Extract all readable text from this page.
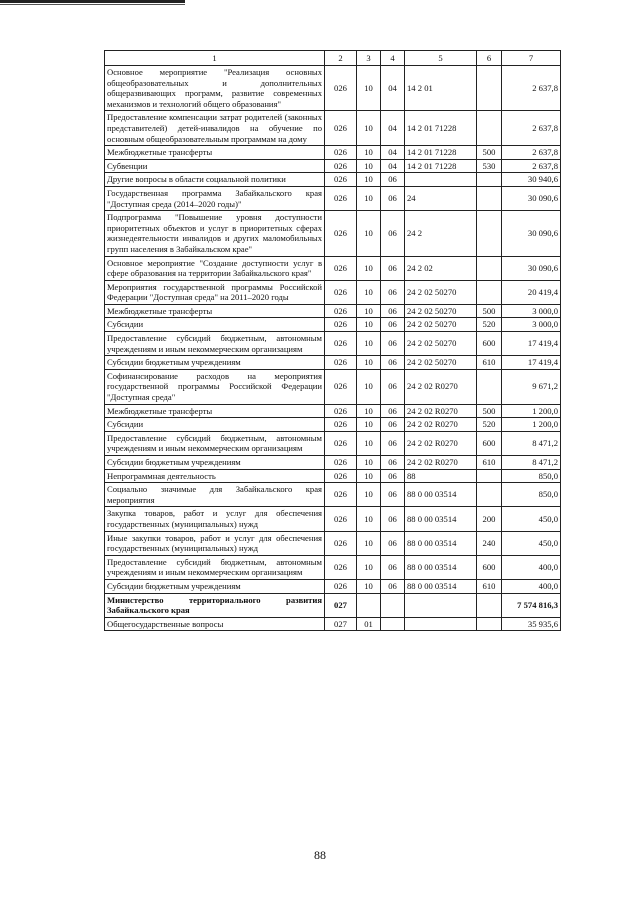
1	2	3	4	5	6	7
Основное мероприятие "Реализация основных общеобразовательных и дополнительных общеразвивающих программ, развитие современных механизмов и технологий общего образования"	026	10	04	14 2 01		2 637,8
Предоставление компенсации затрат родителей (законных представителей) детей-инвалидов на обучение по основным общеобразовательным программам на дому	026	10	04	14 2 01 71228		2 637,8
Межбюджетные трансферты	026	10	04	14 2 01 71228	500	2 637,8
Субвенции	026	10	04	14 2 01 71228	530	2 637,8
Другие вопросы в области социальной политики	026	10	06			30 940,6
Государственная программа Забайкальского края "Доступная среда (2014–2020 годы)"	026	10	06	24		30 090,6
Подпрограмма "Повышение уровня доступности приоритетных объектов и услуг в приоритетных сферах жизнедеятельности инвалидов и других маломобильных групп населения в Забайкальском крае"	026	10	06	24 2		30 090,6
Основное мероприятие "Создание доступности услуг в сфере образования на территории Забайкальского края"	026	10	06	24 2 02		30 090,6
Мероприятия государственной программы Российской Федерации "Доступная среда" на 2011–2020 годы	026	10	06	24 2 02 50270		20 419,4
Межбюджетные трансферты	026	10	06	24 2 02 50270	500	3 000,0
Субсидии	026	10	06	24 2 02 50270	520	3 000,0
Предоставление субсидий бюджетным, автономным учреждениям и иным некоммерческим организациям	026	10	06	24 2 02 50270	600	17 419,4
Субсидии бюджетным учреждениям	026	10	06	24 2 02 50270	610	17 419,4
Софинансирование расходов на мероприятия государственной программы Российской Федерации "Доступная среда"	026	10	06	24 2 02 R0270		9 671,2
Межбюджетные трансферты	026	10	06	24 2 02 R0270	500	1 200,0
Субсидии	026	10	06	24 2 02 R0270	520	1 200,0
Предоставление субсидий бюджетным, автономным учреждениям и иным некоммерческим организациям	026	10	06	24 2 02 R0270	600	8 471,2
Субсидии бюджетным учреждениям	026	10	06	24 2 02 R0270	610	8 471,2
Непрограммная деятельность	026	10	06	88		850,0
Социально значимые для Забайкальского края мероприятия	026	10	06	88 0 00 03514		850,0
Закупка товаров, работ и услуг для обеспечения государственных (муниципальных) нужд	026	10	06	88 0 00 03514	200	450,0
Иные закупки товаров, работ и услуг для обеспечения государственных (муниципальных) нужд	026	10	06	88 0 00 03514	240	450,0
Предоставление субсидий бюджетным, автономным учреждениям и иным некоммерческим организациям	026	10	06	88 0 00 03514	600	400,0
Субсидии бюджетным учреждениям	026	10	06	88 0 00 03514	610	400,0
Министерство территориального развития Забайкальского края	027					7 574 816,3
Общегосударственные вопросы	027	01				35 935,6
88
